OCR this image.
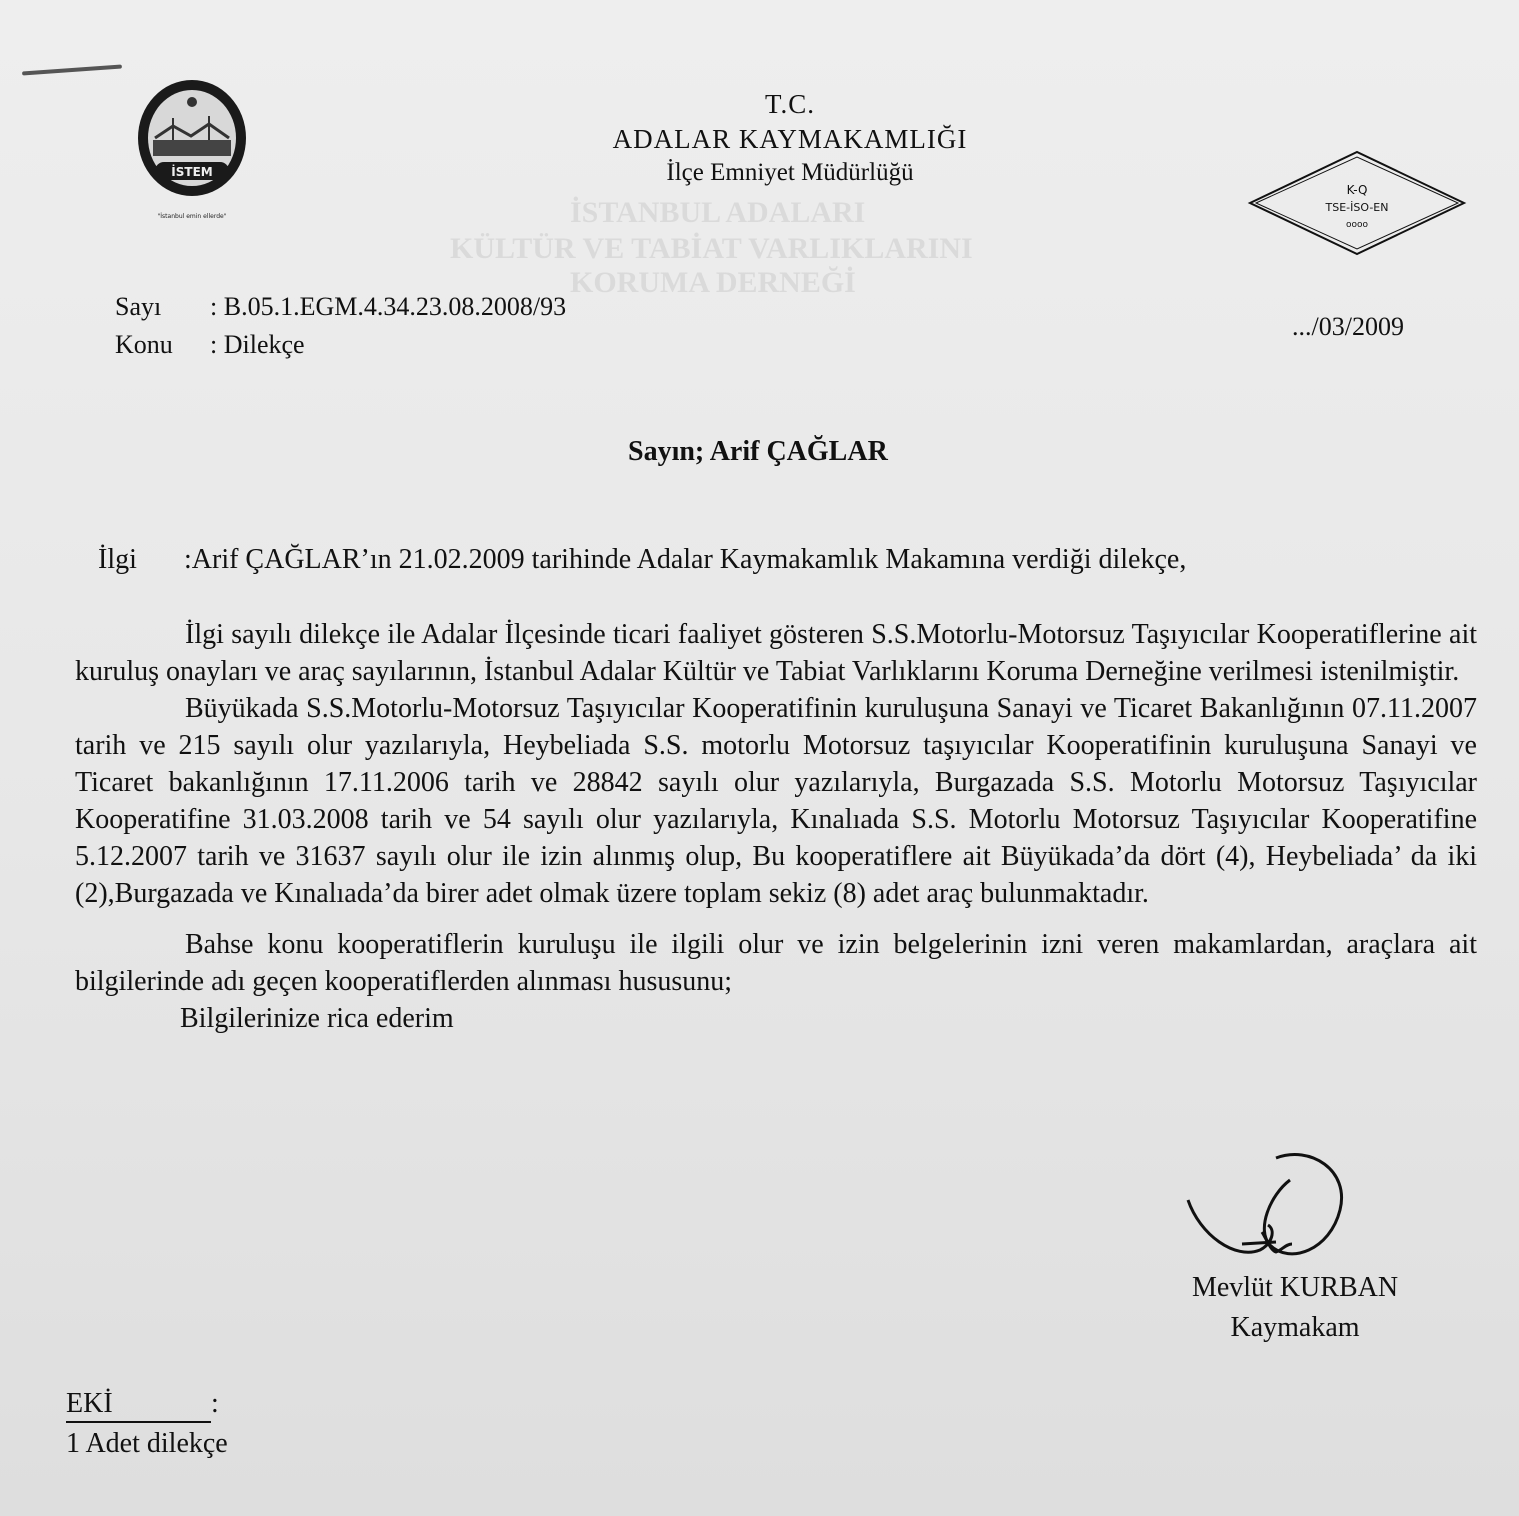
İSTANBUL ADALARI
KÜLTÜR VE TABİAT VARLIKLARINI
KORUMA DERNEĞİ
İSTEM
"İstanbul emin ellerde"
T.C.
ADALAR KAYMAKAMLIĞI
İlçe Emniyet Müdürlüğü
K-Q
TSE-İSO-EN
oooo
Sayı	: B.05.1.EGM.4.34.23.08.2008/93
Konu	: Dilekçe
.../03/2009
Sayın; Arif ÇAĞLAR
İlgi	:Arif ÇAĞLAR’ın 21.02.2009 tarihinde Adalar Kaymakamlık Makamına verdiği dilekçe,

İlgi sayılı dilekçe ile Adalar İlçesinde ticari faaliyet gösteren S.S.Motorlu-Motorsuz Taşıyıcılar Kooperatiflerine ait kuruluş onayları ve araç sayılarının, İstanbul Adalar Kültür ve Tabiat Varlıklarını Koruma Derneğine verilmesi istenilmiştir.

Büyükada S.S.Motorlu-Motorsuz Taşıyıcılar Kooperatifinin kuruluşuna Sanayi ve Ticaret Bakanlığının 07.11.2007 tarih ve 215 sayılı olur yazılarıyla, Heybeliada S.S. motorlu Motorsuz taşıyıcılar Kooperatifinin kuruluşuna Sanayi ve Ticaret bakanlığının 17.11.2006 tarih ve 28842 sayılı olur yazılarıyla, Burgazada S.S. Motorlu Motorsuz Taşıyıcılar Kooperatifine 31.03.2008 tarih ve 54 sayılı olur yazılarıyla, Kınalıada S.S. Motorlu Motorsuz Taşıyıcılar Kooperatifine 5.12.2007 tarih ve 31637 sayılı olur ile izin alınmış olup, Bu kooperatiflere ait Büyükada’da dört (4), Heybeliada’ da iki (2),Burgazada ve Kınalıada’da birer adet olmak üzere toplam sekiz (8) adet araç bulunmaktadır.

Bahse konu kooperatiflerin kuruluşu ile ilgili olur ve izin belgelerinin izni veren makamlardan, araçlara ait bilgilerinde adı geçen kooperatiflerden alınması hususunu;

Bilgilerinize rica ederim

Mevlüt KURBAN
Kaymakam
EKİ	:
1 Adet dilekçe
